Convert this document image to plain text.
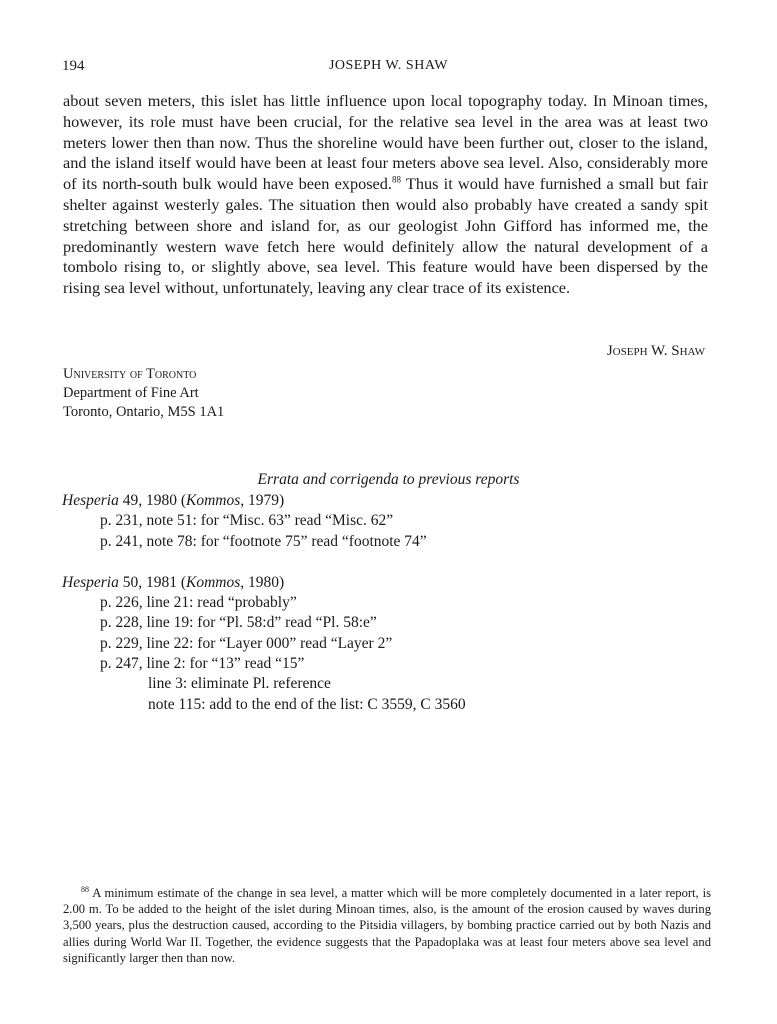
194	JOSEPH W. SHAW

about seven meters, this islet has little influence upon local topography today. In Minoan times, however, its role must have been crucial, for the relative sea level in the area was at least two meters lower then than now. Thus the shoreline would have been further out, closer to the island, and the island itself would have been at least four meters above sea level. Also, considerably more of its north-south bulk would have been exposed.$^{88}$ Thus it would have furnished a small but fair shelter against westerly gales. The situation then would also probably have created a sandy spit stretching between shore and island for, as our geologist John Gifford has informed me, the predominantly western wave fetch here would definitely allow the natural development of a tombolo rising to, or slightly above, sea level. This feature would have been dispersed by the rising sea level without, unfortunately, leaving any clear trace of its existence.

Joseph W. Shaw
University of Toronto
Department of Fine Art
Toronto, Ontario, M5S 1A1
Errata and corrigenda to previous reports
Hesperia 49, 1980 (Kommos, 1979)
p. 231, note 51: for “Misc. 63” read “Misc. 62”
p. 241, note 78: for “footnote 75” read “footnote 74”
Hesperia 50, 1981 (Kommos, 1980)
p. 226, line 21: read “probably”
p. 228, line 19: for “Pl. 58:d” read “Pl. 58:e”
p. 229, line 22: for “Layer 000” read “Layer 2”
p. 247, line 2: for “13” read “15”
line 3: eliminate Pl. reference
note 115: add to the end of the list: C 3559, C 3560

$^{88}$ A minimum estimate of the change in sea level, a matter which will be more completely documented in a later report, is 2.00 m. To be added to the height of the islet during Minoan times, also, is the amount of the erosion caused by waves during 3,500 years, plus the destruction caused, according to the Pitsidia villagers, by bombing practice carried out by both Nazis and allies during World War II. Together, the evidence suggests that the Papadoplaka was at least four meters above sea level and significantly larger then than now.
